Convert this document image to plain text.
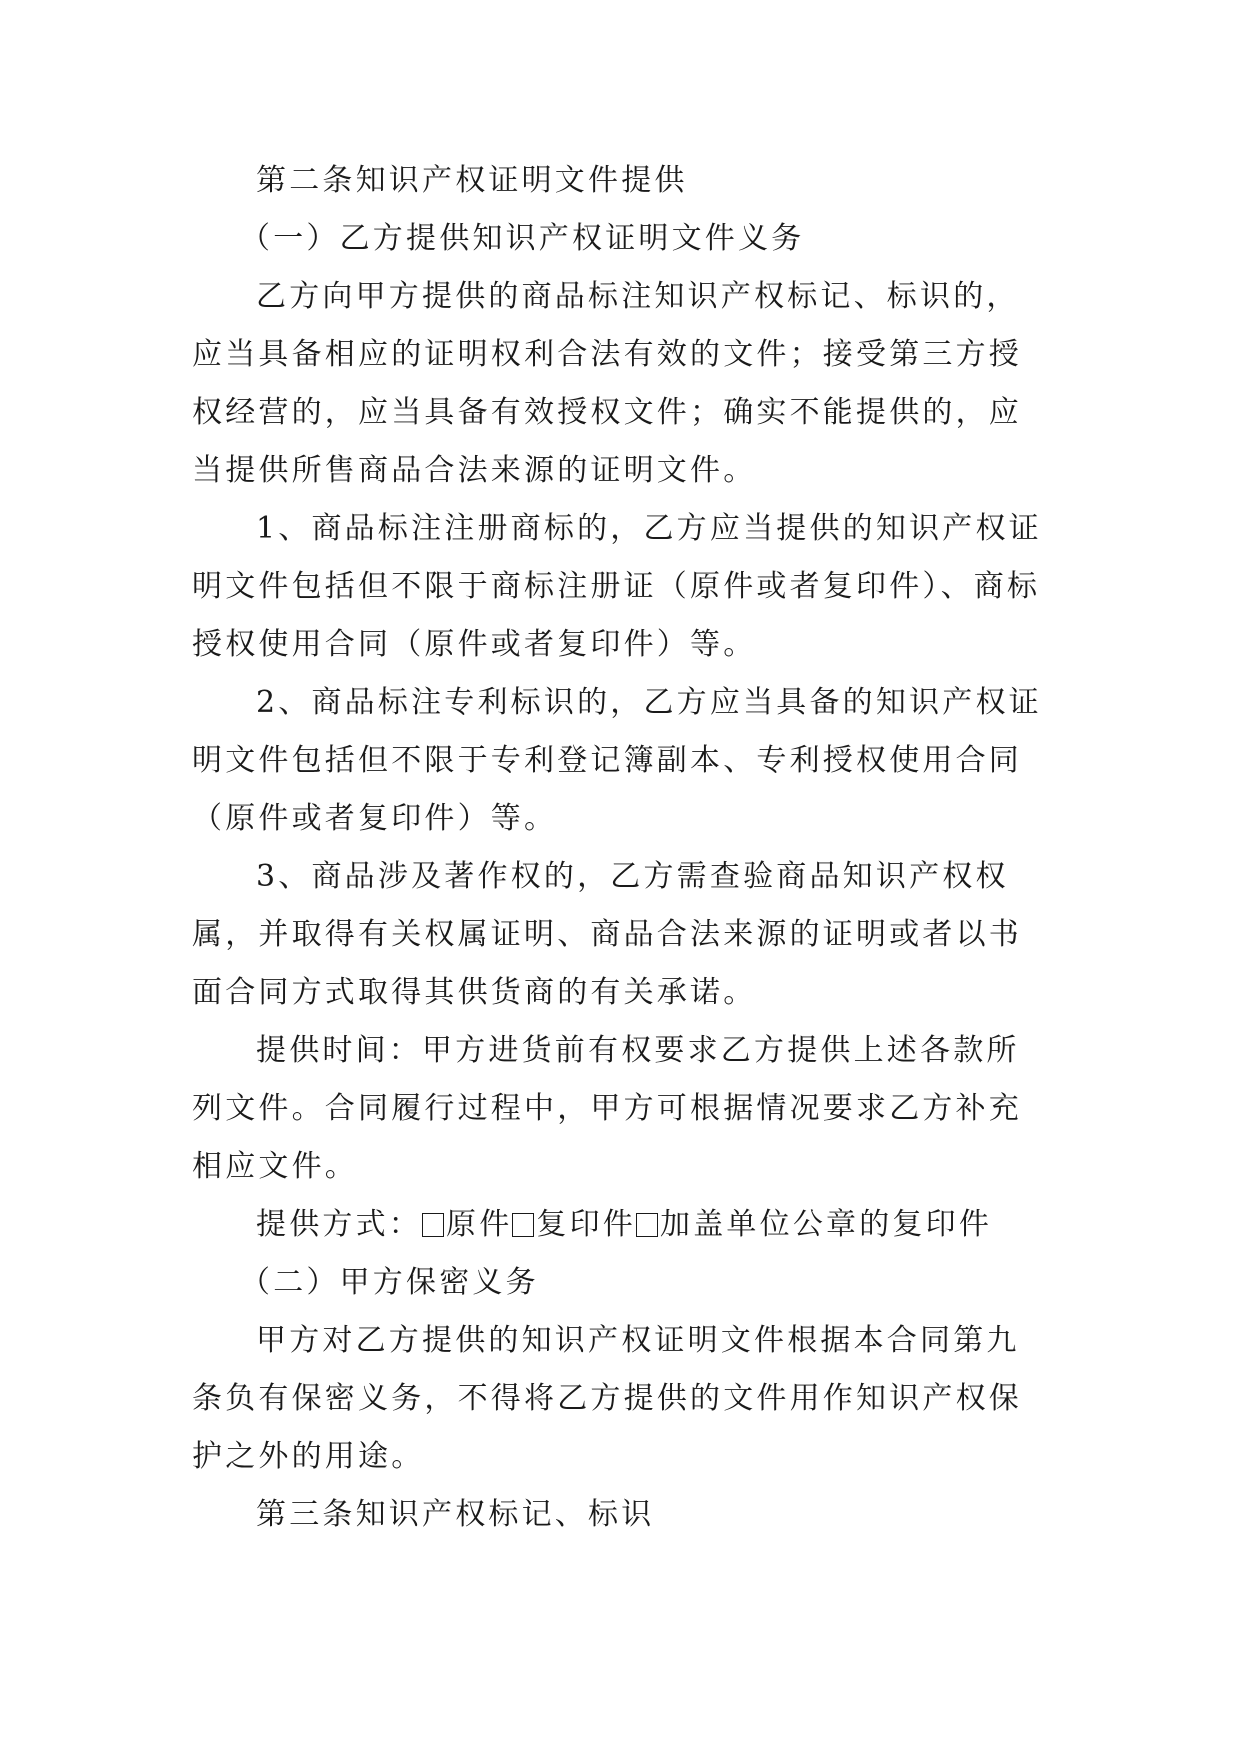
第二条知识产权证明文件提供

（一）乙方提供知识产权证明文件义务

乙方向甲方提供的商品标注知识产权标记、标识的，应当具备相应的证明权利合法有效的文件；接受第三方授权经营的，应当具备有效授权文件；确实不能提供的，应当提供所售商品合法来源的证明文件。

1、商品标注注册商标的，乙方应当提供的知识产权证明文件包括但不限于商标注册证（原件或者复印件）、商标授权使用合同（原件或者复印件）等。

2、商品标注专利标识的，乙方应当具备的知识产权证明文件包括但不限于专利登记簿副本、专利授权使用合同（原件或者复印件）等。

3、商品涉及著作权的，乙方需查验商品知识产权权属，并取得有关权属证明、商品合法来源的证明或者以书面合同方式取得其供货商的有关承诺。

提供时间：甲方进货前有权要求乙方提供上述各款所列文件。合同履行过程中，甲方可根据情况要求乙方补充相应文件。

提供方式： 原件 复印件 加盖单位公章的复印件

（二）甲方保密义务

甲方对乙方提供的知识产权证明文件根据本合同第九条负有保密义务，不得将乙方提供的文件用作知识产权保护之外的用途。

第三条知识产权标记、标识
